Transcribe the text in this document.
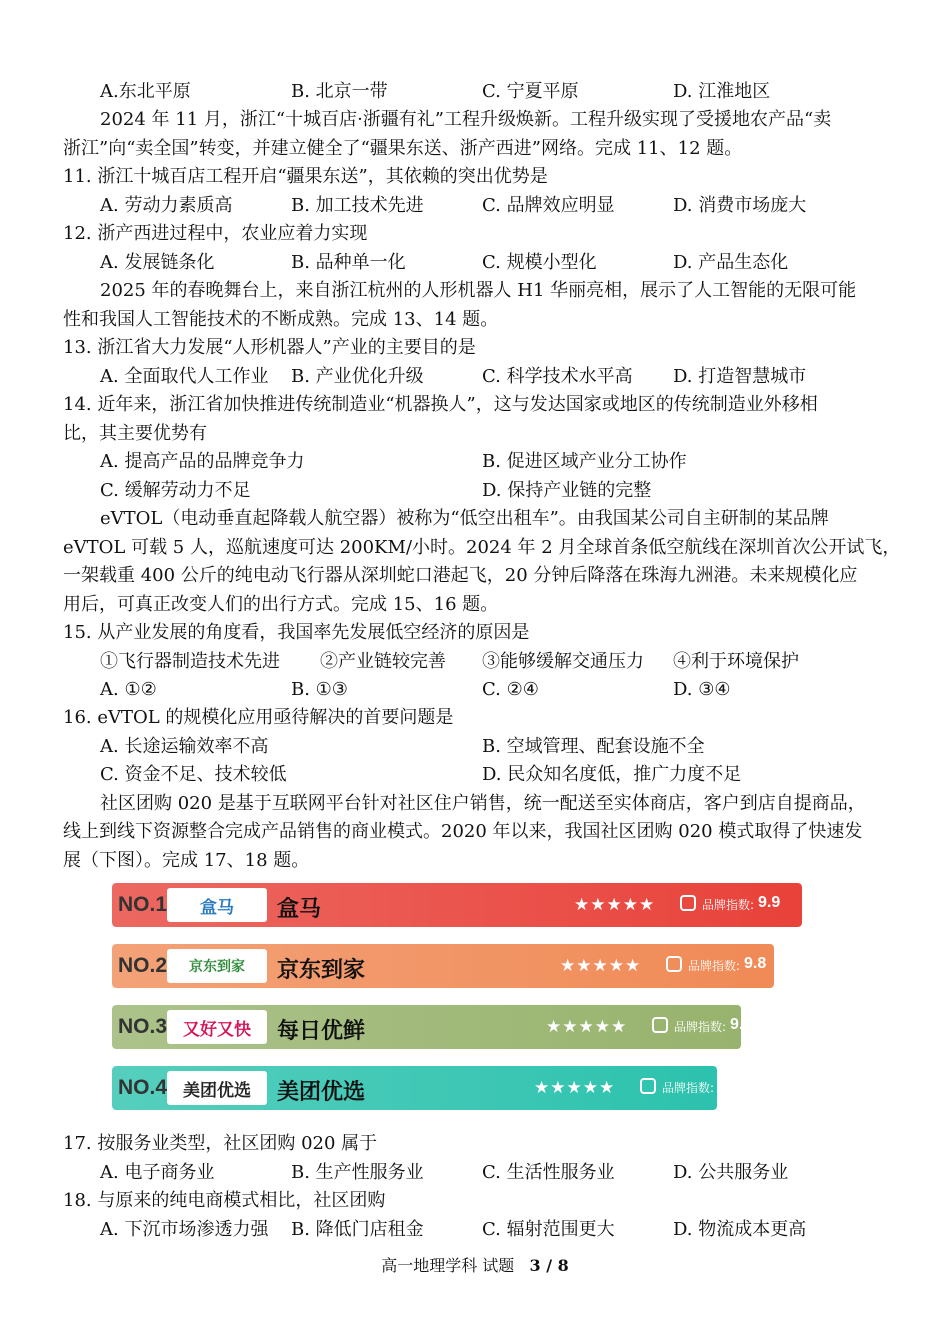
A.东北平原	B. 北京一带	C. 宁夏平原	D. 江淮地区
2024 年 11 月，浙江“十城百店·浙疆有礼”工程升级焕新。工程升级实现了受援地农产品“卖
浙江”向“卖全国”转变，并建立健全了“疆果东送、浙产西进”网络。完成 11、12 题。
11. 浙江十城百店工程开启“疆果东送”，其依赖的突出优势是
A. 劳动力素质高	B. 加工技术先进	C. 品牌效应明显	D. 消费市场庞大
12. 浙产西进过程中，农业应着力实现
A. 发展链条化	B. 品种单一化	C. 规模小型化	D. 产品生态化
2025 年的春晚舞台上，来自浙江杭州的人形机器人 H1 华丽亮相，展示了人工智能的无限可能
性和我国人工智能技术的不断成熟。完成 13、14 题。
13. 浙江省大力发展“人形机器人”产业的主要目的是
A. 全面取代人工作业 B. 产业优化升级	C. 科学技术水平高 D. 打造智慧城市
14. 近年来，浙江省加快推进传统制造业“机器换人”，这与发达国家或地区的传统制造业外移相
比，其主要优势有
A. 提高产品的品牌竞争力	B. 促进区域产业分工协作
C. 缓解劳动力不足	D. 保持产业链的完整
eVTOL（电动垂直起降载人航空器）被称为“低空出租车”。由我国某公司自主研制的某品牌
eVTOL 可载 5 人，巡航速度可达 200KM/小时。2024 年 2 月全球首条低空航线在深圳首次公开试飞，
一架载重 400 公斤的纯电动飞行器从深圳蛇口港起飞，20 分钟后降落在珠海九洲港。未来规模化应
用后，可真正改变人们的出行方式。完成 15、16 题。
15. 从产业发展的角度看，我国率先发展低空经济的原因是
①飞行器制造技术先进 ②产业链较完善 ③能够缓解交通压力 ④利于环境保护
A. ①②	B. ①③	C. ②④	D. ③④
16. eVTOL 的规模化应用亟待解决的首要问题是
A. 长途运输效率不高	B. 空域管理、配套设施不全
C. 资金不足、技术较低	D. 民众知名度低，推广力度不足
社区团购 020 是基于互联网平台针对社区住户销售，统一配送至实体商店，客户到店自提商品，
线上到线下资源整合完成产品销售的商业模式。2020 年以来，我国社区团购 020 模式取得了快速发
展（下图）。完成 17、18 题。
NO.1	盒马	盒马	★★★★★	品牌指数: 9.9
NO.2	京东到家	京东到家	★★★★★	品牌指数: 9.8
NO.3 又好又快	每日优鲜	★★★★★	品牌指数: 9.5
NO.4 美团优选	美团优选	★★★★★	品牌指数: 9.3
17. 按服务业类型，社区团购 020 属于
A. 电子商务业	B. 生产性服务业	C. 生活性服务业	D. 公共服务业
18. 与原来的纯电商模式相比，社区团购
A. 下沉市场渗透力强 B. 降低门店租金	C. 辐射范围更大	D. 物流成本更高
高一地理学科 试题 3 / 8
